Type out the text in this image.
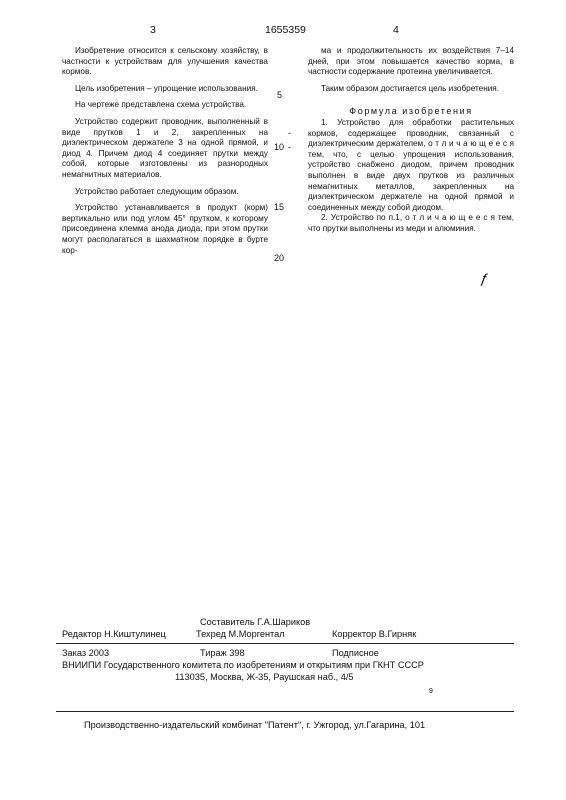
3	1655359	4

Изобретение относится к сельскому хозяйству, в частности к устройствам для улучшения качества кормов.

Цель изобретения – упрощение использования.

На чертеже представлена схема устройства.

Устройство содержит проводник, выполненный в виде прутков 1 и 2, закрепленных на диэлектрическом держателе 3 на одной прямой, и диод 4. Причем диод 4 соединяет прутки между собой, которые изготовлены из разнородных немагнитных материалов.

Устройство работает следующим образом.

Устройство устанавливается в продукт (корм) вертикально или под углом 45° прутком, к которому присоединена клемма анода диода, при этом прутки могут располагаться в шахматном порядке в бурте кор-

ма и продолжительность их воздействия 7–14 дней, при этом повышается качество корма, в частности содержание протеина увеличивается.

Таким образом достигается цель изобретения.

Формула изобретения

1. Устройство для обработки растительных кормов, содержащее проводник, связанный с диэлектрическим держателем, о т л и ч а ю щ е е с я тем, что, с целью упрощения использования, устройство снабжено диодом, причем проводник выполнен в виде двух прутков из различных немагнитных металлов, закрепленных на диэлектрическом держателе на одной прямой и соединенных между собой диодом.

2. Устройство по п.1, о т л и ч а ю щ е е с я тем, что прутки выполнены из меди и алюминия.

5
10
15
20
-
-
ƒ
Составитель Г.А.Шариков
Редактор Н.Киштулинец	Техред М.Моргентал	Корректор В.Гирняк
Заказ 2003	Тираж 398	Подписное
ВНИИПИ Государственного комитета по изобретениям и открытиям при ГКНТ СССР
113035, Москва, Ж-35, Раушская наб., 4/5
9
Производственно-издательский комбинат "Патент", г. Ужгород, ул.Гагарина, 101
